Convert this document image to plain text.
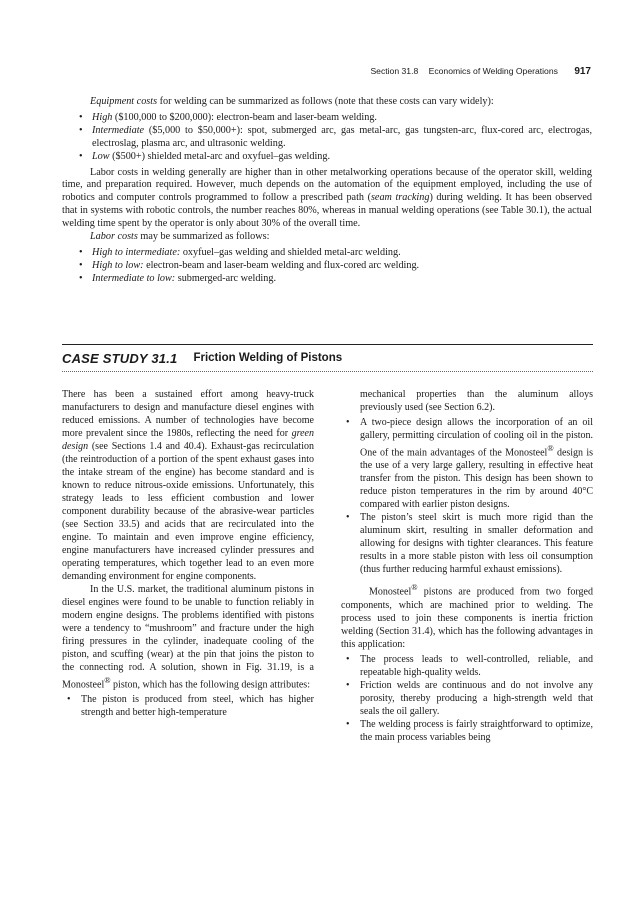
Section 31.8 Economics of Welding Operations 917

Equipment costs for welding can be summarized as follows (note that these costs can vary widely):

• High ($100,000 to $200,000): electron-beam and laser-beam welding.
• Intermediate ($5,000 to $50,000+): spot, submerged arc, gas metal-arc, gas tungsten-arc, flux-cored arc, electrogas, electroslag, plasma arc, and ultrasonic welding.
• Low ($500+) shielded metal-arc and oxyfuel–gas welding.

Labor costs in welding generally are higher than in other metalworking operations because of the operator skill, welding time, and preparation required. However, much depends on the automation of the equipment employed, including the use of robotics and computer controls programmed to follow a prescribed path (seam tracking) during welding. It has been observed that in systems with robotic controls, the number reaches 80%, whereas in manual welding operations (see Table 30.1), the actual welding time spent by the operator is only about 30% of the overall time.

Labor costs may be summarized as follows:

• High to intermediate: oxyfuel–gas welding and shielded metal-arc welding.
• High to low: electron-beam and laser-beam welding and flux-cored arc welding.
• Intermediate to low: submerged-arc welding.
CASE STUDY 31.1 Friction Welding of Pistons

There has been a sustained effort among heavy-truck manufacturers to design and manufacture diesel engines with reduced emissions. A number of technologies have become more prevalent since the 1980s, reflecting the need for green design (see Sections 1.4 and 40.4). Exhaust-gas recirculation (the reintroduction of a portion of the spent exhaust gases into the intake stream of the engine) has become standard and is known to reduce nitrous-oxide emissions. Unfortunately, this strategy leads to less efficient combustion and lower component durability because of the abrasive-wear particles (see Section 33.5) and acids that are recirculated into the engine. To maintain and even improve engine efficiency, engine manufacturers have increased cylinder pressures and operating temperatures, which together lead to an even more demanding environment for engine components.

In the U.S. market, the traditional aluminum pistons in diesel engines were found to be unable to function reliably in modern engine designs. The problems identified with pistons were a tendency to “mushroom” and fracture under the high firing pressures in the cylinder, inadequate cooling of the piston, and scuffing (wear) at the pin that joins the piston to the connecting rod. A solution, shown in Fig. 31.19, is a Monosteel® piston, which has the following design attributes:

• The piston is produced from steel, which has higher strength and better high-temperature

mechanical properties than the aluminum alloys previously used (see Section 6.2).

• A two-piece design allows the incorporation of an oil gallery, permitting circulation of cooling oil in the piston. One of the main advantages of the Monosteel® design is the use of a very large gallery, resulting in effective heat transfer from the piston. This design has been shown to reduce piston temperatures in the rim by around 40°C compared with earlier piston designs.
• The piston’s steel skirt is much more rigid than the aluminum skirt, resulting in smaller deformation and allowing for designs with tighter clearances. This feature results in a more stable piston with less oil consumption (thus further reducing harmful exhaust emissions).

Monosteel® pistons are produced from two forged components, which are machined prior to welding. The process used to join these components is inertia friction welding (Section 31.4), which has the following advantages in this application:

• The process leads to well-controlled, reliable, and repeatable high-quality welds.
• Friction welds are continuous and do not involve any porosity, thereby producing a high-strength weld that seals the oil gallery.
• The welding process is fairly straightforward to optimize, the main process variables being
